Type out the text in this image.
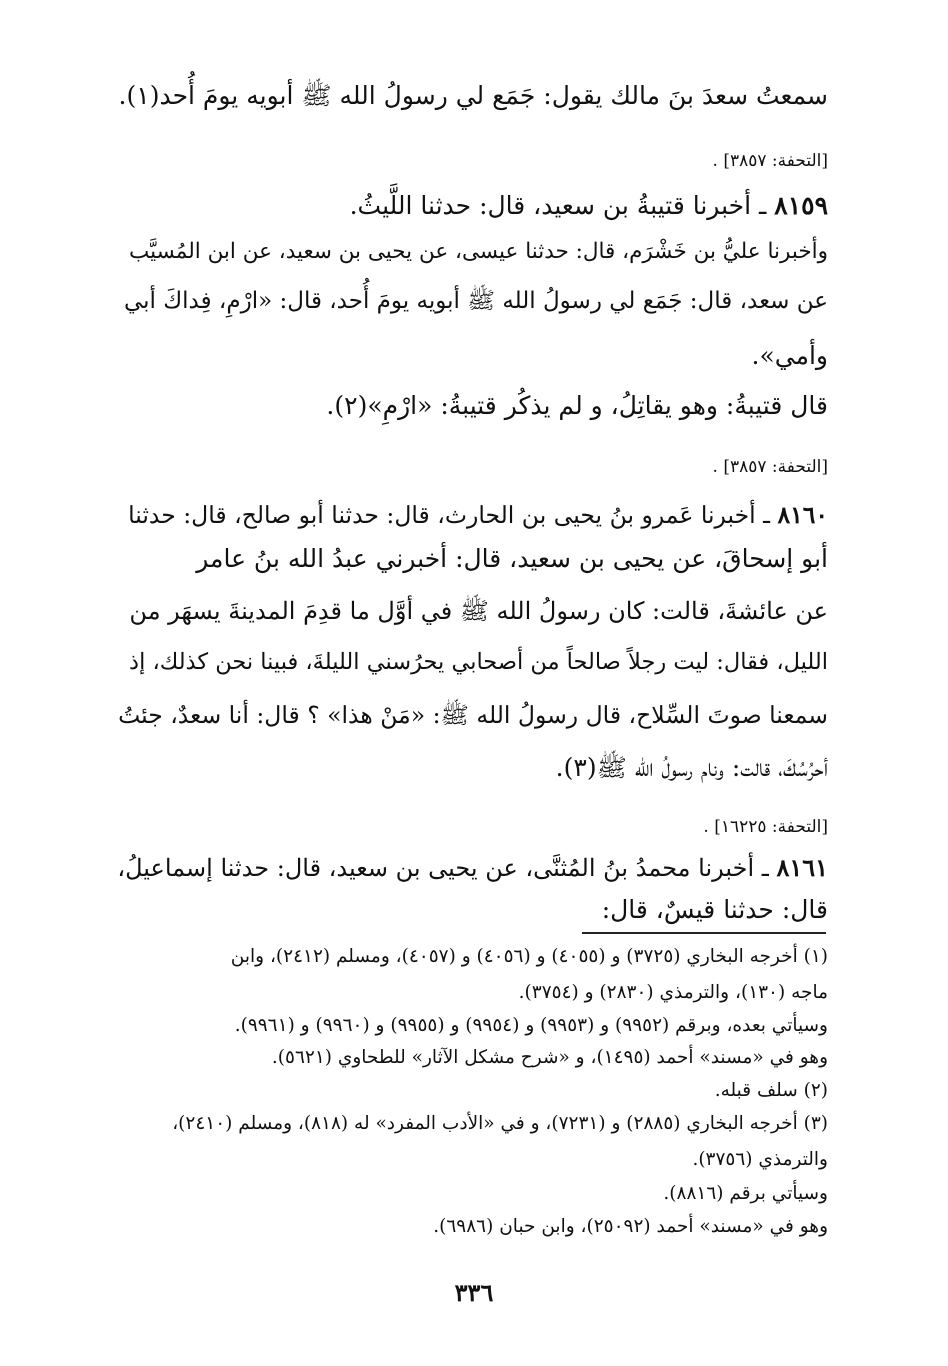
سمعتُ سعدَ بنَ مالك يقول: جَمَع لي رسولُ الله ﷺ أبويه يومَ أُحد(١).
[التحفة: ٣٨٥٧] .
٨١٥٩ ـ أخبرنا قتيبةُ بن سعيد، قال: حدثنا اللَّيثُ.
وأخبرنا عليُّ بن خَشْرَم، قال: حدثنا عيسى، عن يحيى بن سعيد، عن ابن المُسيَّب
عن سعد، قال: جَمَع لي رسولُ الله ﷺ أبويه يومَ أُحد، قال: «ارْمِ، فِداكَ أبي
وأمي».
قال قتيبةُ: وهو يقاتِلُ، و لم يذكُر قتيبةُ: «ارْمِ»(٢).
[التحفة: ٣٨٥٧] .
٨١٦٠ ـ أخبرنا عَمرو بنُ يحيى بن الحارث، قال: حدثنا أبو صالح، قال: حدثنا
أبو إسحاقَ، عن يحيى بن سعيد، قال: أخبرني عبدُ الله بنُ عامر
عن عائشةَ، قالت: كان رسولُ الله ﷺ في أوَّل ما قدِمَ المدينةَ يسهَر من
الليل، فقال: ليت رجلاً صالحاً من أصحابي يحرُسني الليلةَ، فبينا نحن كذلك، إذ
سمعنا صوتَ السِّلاح، قال رسولُ الله ﷺ: «مَنْ هذا» ؟ قال: أنا سعدٌ، جئتُ
أحرُسُكَ، قالت: ونام رسولُ الله ﷺ(٣).
[التحفة: ١٦٢٢٥] .
٨١٦١ ـ أخبرنا محمدُ بنُ المُثنَّى، عن يحيى بن سعيد، قال: حدثنا إسماعيلُ،
قال: حدثنا قيسٌ، قال:
(١) أخرجه البخاري (٣٧٢٥) و (٤٠٥٥) و (٤٠٥٦) و (٤٠٥٧)، ومسلم (٢٤١٢)، وابن
ماجه (١٣٠)، والترمذي (٢٨٣٠) و (٣٧٥٤).
وسيأتي بعده، وبرقم (٩٩٥٢) و (٩٩٥٣) و (٩٩٥٤) و (٩٩٥٥) و (٩٩٦٠) و (٩٩٦١).
وهو في «مسند» أحمد (١٤٩٥)، و «شرح مشكل الآثار» للطحاوي (٥٦٢١).
(٢) سلف قبله.
(٣) أخرجه البخاري (٢٨٨٥) و (٧٢٣١)، و في «الأدب المفرد» له (٨١٨)، ومسلم (٢٤١٠)،
والترمذي (٣٧٥٦).
وسيأتي برقم (٨٨١٦).
وهو في «مسند» أحمد (٢٥٠٩٢)، وابن حبان (٦٩٨٦).
٣٣٦
